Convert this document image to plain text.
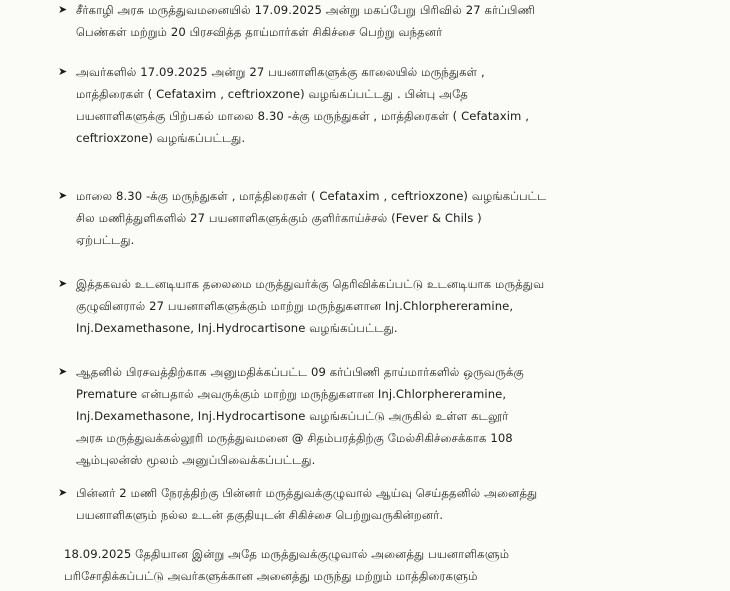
➤ சீர்காழி அரசு மருத்துவமனையில் 17.09.2025 அன்று மகப்பேறு பிரிவில் 27 கர்ப்பிணி
பெண்கள் மற்றும் 20 பிரசவித்த தாய்மார்கள் சிகிச்சை பெற்று வந்தனர்
➤ அவர்களில் 17.09.2025 அன்று 27 பயனாளிகளுக்கு காலையில் மருந்துகள் ,
மாத்திரைகள் ( Cefataxim , ceftrioxzone) வழங்கப்பட்டது . பின்பு அதே
பயனாளிகளுக்கு பிற்பகல் மாலை 8.30 -க்கு மருந்துகள் , மாத்திரைகள் ( Cefataxim ,
ceftrioxzone) வழங்கப்பட்டது.
➤ மாலை 8.30 -க்கு மருந்துகள் , மாத்திரைகள் ( Cefataxim , ceftrioxzone) வழங்கப்பட்ட
சில மணித்துளிகளில் 27 பயனாளிகளுக்கும் குளிர்காய்ச்சல் (Fever & Chils )
ஏற்பட்டது.
➤ இத்தகவல் உடனடியாக தலைமை மருத்துவர்க்கு தெரிவிக்கப்பட்டு உடனடியாக மருத்துவ
குழுவினரால் 27 பயனாளிகளுக்கும் மாற்று மருந்துகளான Inj.Chlorphereramine,
Inj.Dexamethasone, Inj.Hydrocartisone வழங்கப்பட்டது.
➤ ஆதனில் பிரசவத்திற்காக அனுமதிக்கப்பட்ட 09 கர்ப்பிணி தாய்மார்களில் ஒருவருக்கு
Premature என்பதால் அவருக்கும் மாற்று மருந்துகளான Inj.Chlorphereramine,
Inj.Dexamethasone, Inj.Hydrocartisone வழங்கப்பட்டு அருகில் உள்ள கடலூர்
அரசு மருத்துவக்கல்லூரி மருத்துவமனை @ சிதம்பரத்திற்கு மேல்சிகிச்சைக்காக 108
ஆம்புலன்ஸ் மூலம் அனுப்பிவைக்கப்பட்டது.
➤ பின்னர் 2 மணி நேரத்திற்கு பின்னர் மருத்துவக்குழுவால் ஆய்வு செய்ததனில் அனைத்து
பயனாளிகளும் நல்ல உடன் தகுதியுடன் சிகிச்சை பெற்றுவருகின்றனர்.
18.09.2025 தேதியான இன்று அதே மருத்துவக்குழுவால் அனைத்து பயனாளிகளும்
பரிசோதிக்கப்பட்டு அவர்களுக்கான அனைத்து மருந்து மற்றும் மாத்திரைகளும்
